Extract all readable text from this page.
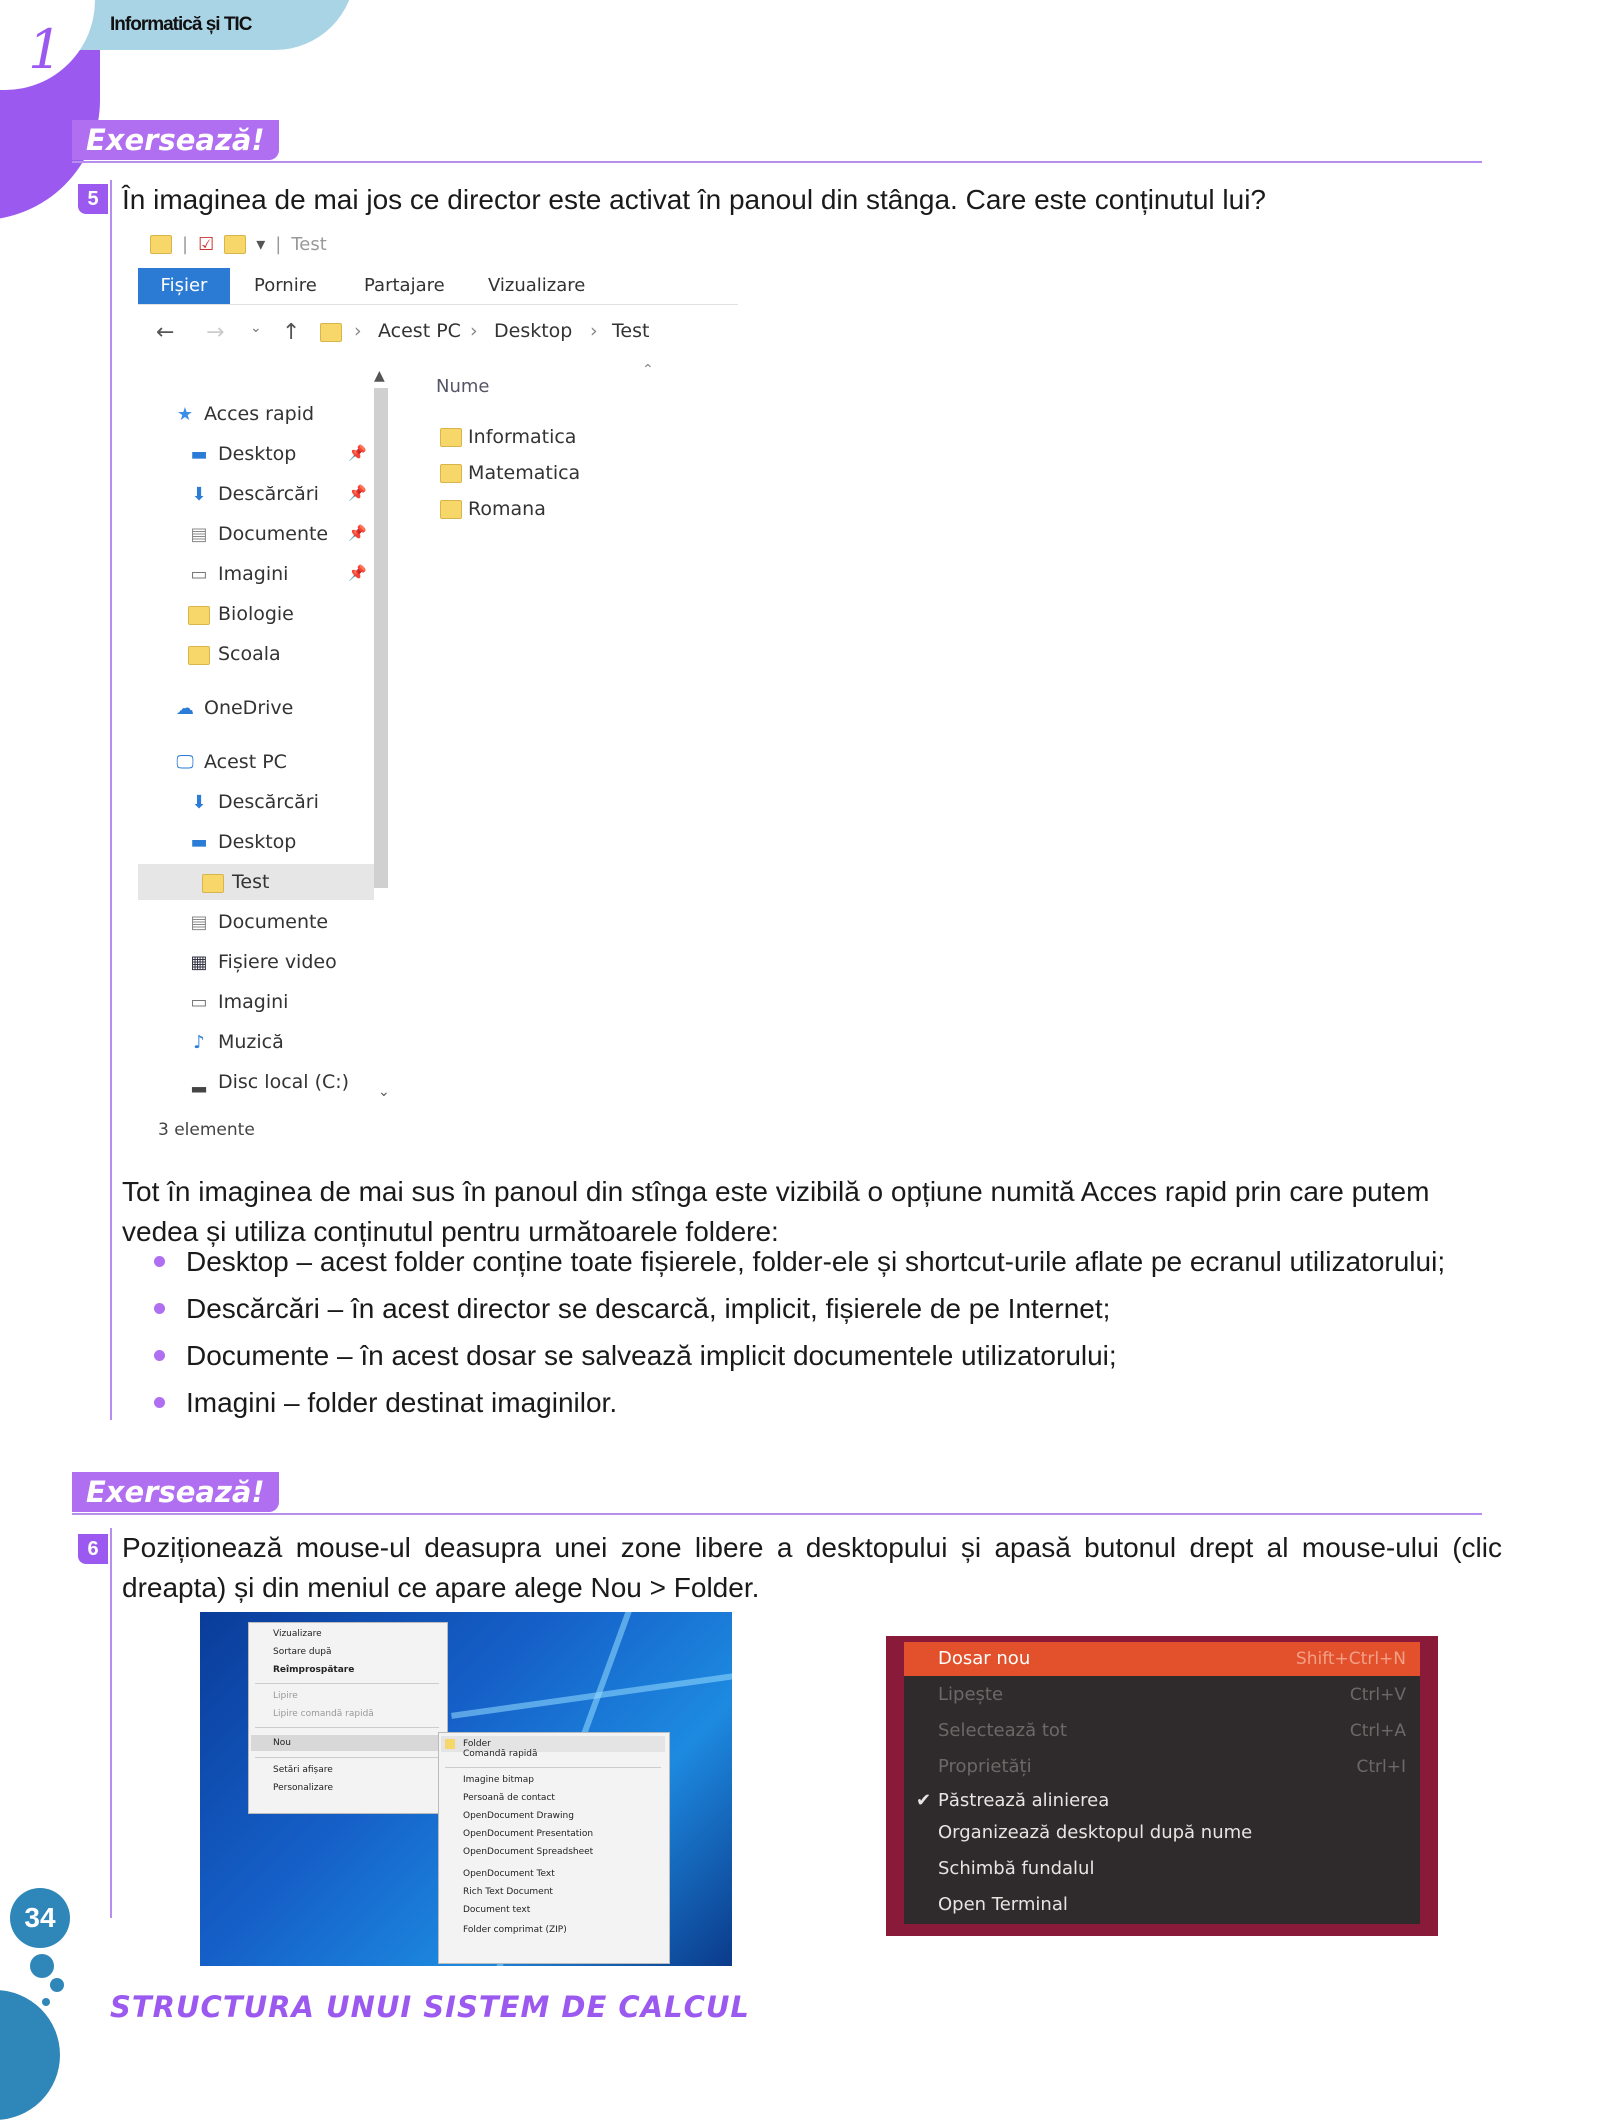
1	Informatică și TIC
Exersează!
5 În imaginea de mai jos ce director este activat în panoul din stânga. Care este conținutul lui?
| ☑ ▾ | Test
Fișier	Pornire	Partajare Vizualizare
← → ⌄ ↑	› Acest PC › Desktop › Test
▲
⌄
⌃
★ Acces rapid
▬ Desktop
⬇ Descărcări
▤ Documente
▭ Imagini
Biologie
Scoala
☁ OneDrive
🖵 Acest PC
⬇ Descărcări
▬ Desktop
Test
▤ Documente
▦ Fișiere video
▭ Imagini
♪ Muzică
▂ Disc local (C:)
📌
📌
📌
📌
Nume
Informatica
Matematica
Romana
3 elemente
Tot în imaginea de mai sus în panoul din stînga este vizibilă o opțiune numită Acces rapid prin care putem vedea și utiliza conținutul pentru următoarele foldere:
Desktop – acest folder conține toate fișierele, folder-ele și shortcut-urile aflate pe ecranul utilizatorului;
Descărcări – în acest director se descarcă, implicit, fișierele de pe Internet;
Documente – în acest dosar se salvează implicit documentele utilizatorului;
Imagini – folder destinat imaginilor.
Exersează!
6 Poziționează mouse-ul deasupra unei zone libere a desktopului și apasă butonul drept al mouse-ului (clic dreapta) și din meniul ce apare alege Nou > Folder.
Vizualizare
Sortare după
Reîmprospătare
Lipire
Lipire comandă rapidă
Nou
Setări afișare
Personalizare
Folder
Comandă rapidă
Imagine bitmap
Persoană de contact
OpenDocument Drawing
OpenDocument Presentation
OpenDocument Spreadsheet
OpenDocument Text
Rich Text Document
Document text
Folder comprimat (ZIP)
Dosar nou	Shift+Ctrl+N
Lipește	Ctrl+V
Selectează tot	Ctrl+A
Proprietăți	Ctrl+I
✔ Păstrează alinierea
Organizează desktopul după nume
Schimbă fundalul
Open Terminal
34
STRUCTURA UNUI SISTEM DE CALCUL
